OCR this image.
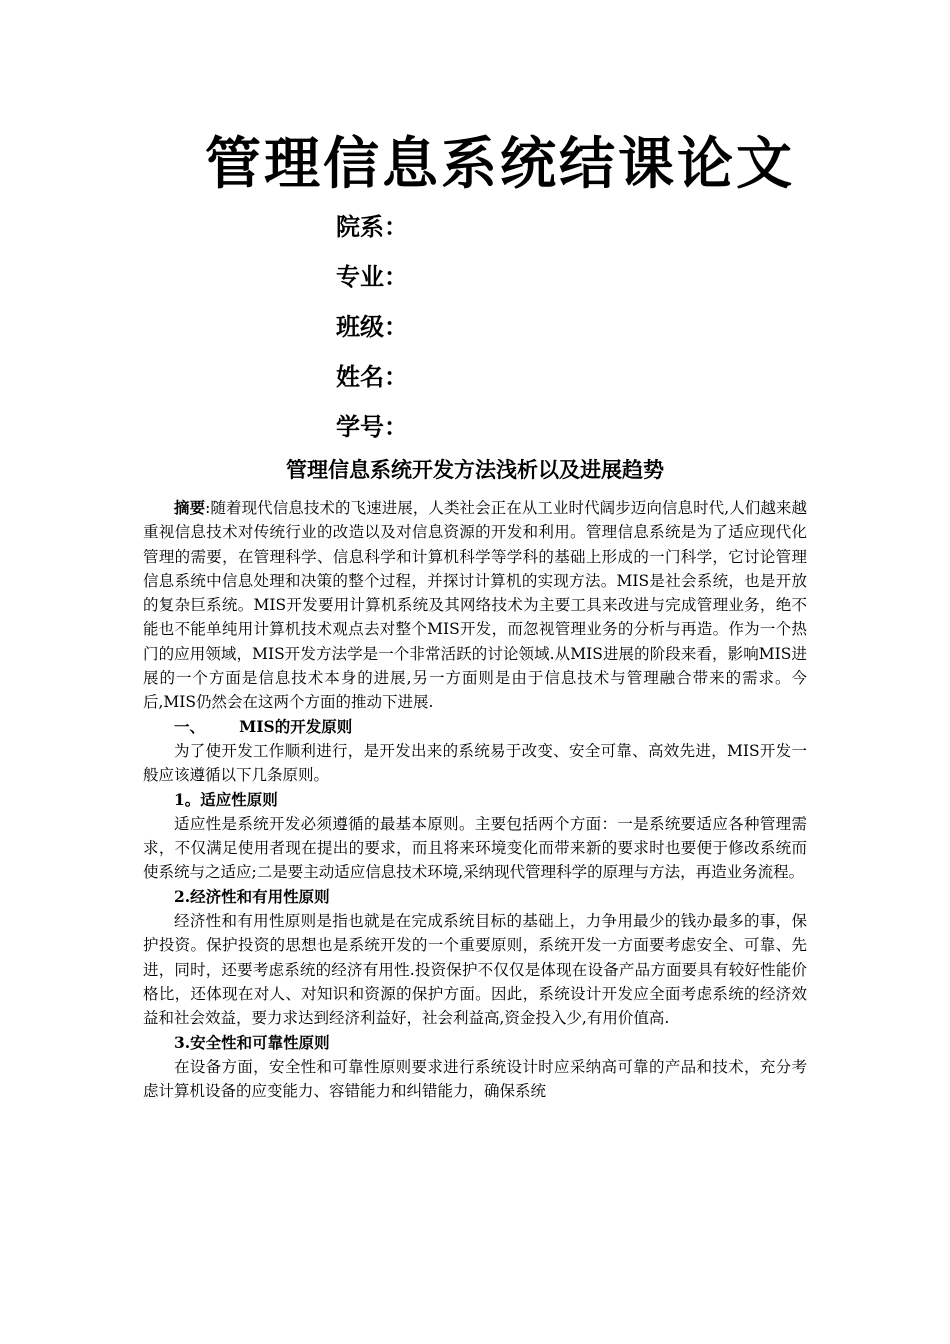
管理信息系统结课论文
院系：
专业：
班级：
姓名：
学号：
管理信息系统开发方法浅析以及进展趋势

摘要:随着现代信息技术的飞速进展，人类社会正在从工业时代阔步迈向信息时代,人们越来越重视信息技术对传统行业的改造以及对信息资源的开发和利用。管理信息系统是为了适应现代化管理的需要，在管理科学、信息科学和计算机科学等学科的基础上形成的一门科学，它讨论管理信息系统中信息处理和决策的整个过程，并探讨计算机的实现方法。MIS是社会系统，也是开放的复杂巨系统。MIS开发要用计算机系统及其网络技术为主要工具来改进与完成管理业务，绝不能也不能单纯用计算机技术观点去对整个MIS开发，而忽视管理业务的分析与再造。作为一个热门的应用领域，MIS开发方法学是一个非常活跃的讨论领域.从MIS进展的阶段来看，影响MIS进展的一个方面是信息技术本身的进展,另一方面则是由于信息技术与管理融合带来的需求。今后,MIS仍然会在这两个方面的推动下进展.

一、 MIS的开发原则

为了使开发工作顺利进行，是开发出来的系统易于改变、安全可靠、高效先进，MIS开发一般应该遵循以下几条原则。

1。适应性原则

适应性是系统开发必须遵循的最基本原则。主要包括两个方面：一是系统要适应各种管理需求，不仅满足使用者现在提出的要求，而且将来环境变化而带来新的要求时也要便于修改系统而使系统与之适应;二是要主动适应信息技术环境,采纳现代管理科学的原理与方法，再造业务流程。

2.经济性和有用性原则

经济性和有用性原则是指也就是在完成系统目标的基础上，力争用最少的钱办最多的事，保护投资。保护投资的思想也是系统开发的一个重要原则，系统开发一方面要考虑安全、可靠、先进，同时，还要考虑系统的经济有用性.投资保护不仅仅是体现在设备产品方面要具有较好性能价格比，还体现在对人、对知识和资源的保护方面。因此，系统设计开发应全面考虑系统的经济效益和社会效益，要力求达到经济利益好，社会利益高,资金投入少,有用价值高.

3.安全性和可靠性原则

在设备方面，安全性和可靠性原则要求进行系统设计时应采纳高可靠的产品和技术，充分考虑计算机设备的应变能力、容错能力和纠错能力，确保系统
